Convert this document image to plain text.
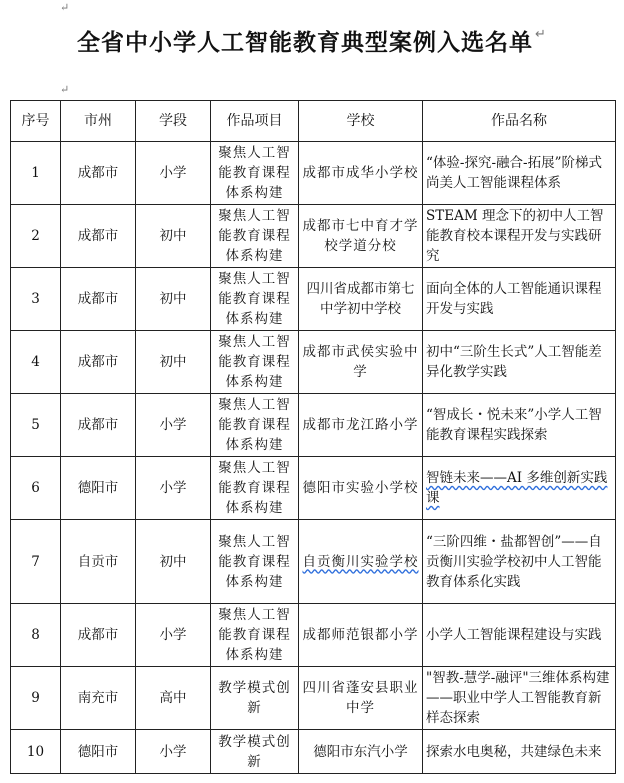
↵
全省中小学人工智能教育典型案例入选名单 ↵
↵
序号	市州	学段	作品项目	学校	作品名称
1	成都市	小学	聚焦人工智能教育课程体系构建	成都市成华小学校	“体验-探究-融合-拓展”阶梯式尚美人工智能课程体系
2	成都市	初中	聚焦人工智能教育课程体系构建	成都市七中育才学校学道分校	STEAM 理念下的初中人工智能教育校本课程开发与实践研究
3	成都市	初中	聚焦人工智能教育课程体系构建	四川省成都市第七中学初中学校	面向全体的人工智能通识课程开发与实践
4	成都市	初中	聚焦人工智能教育课程体系构建	成都市武侯实验中学	初中“三阶生长式”人工智能差异化教学实践
5	成都市	小学	聚焦人工智能教育课程体系构建	成都市龙江路小学	“智成长・悦未来”小学人工智能教育课程实践探索
6	德阳市	小学	聚焦人工智能教育课程体系构建	德阳市实验小学校	智链未来——AI 多维创新实践课
7	自贡市	初中	聚焦人工智能教育课程体系构建	自贡衡川实验学校	“三阶四维・盐都智创”——自贡衡川实验学校初中人工智能教育体系化实践
8	成都市	小学	聚焦人工智能教育课程体系构建	成都师范银都小学	小学人工智能课程建设与实践
9	南充市	高中	教学模式创新	四川省蓬安县职业中学	"智教-慧学-融评"三维体系构建——职业中学人工智能教育新样态探索
10	德阳市	小学	教学模式创新	德阳市东汽小学	探索水电奥秘，共建绿色未来
